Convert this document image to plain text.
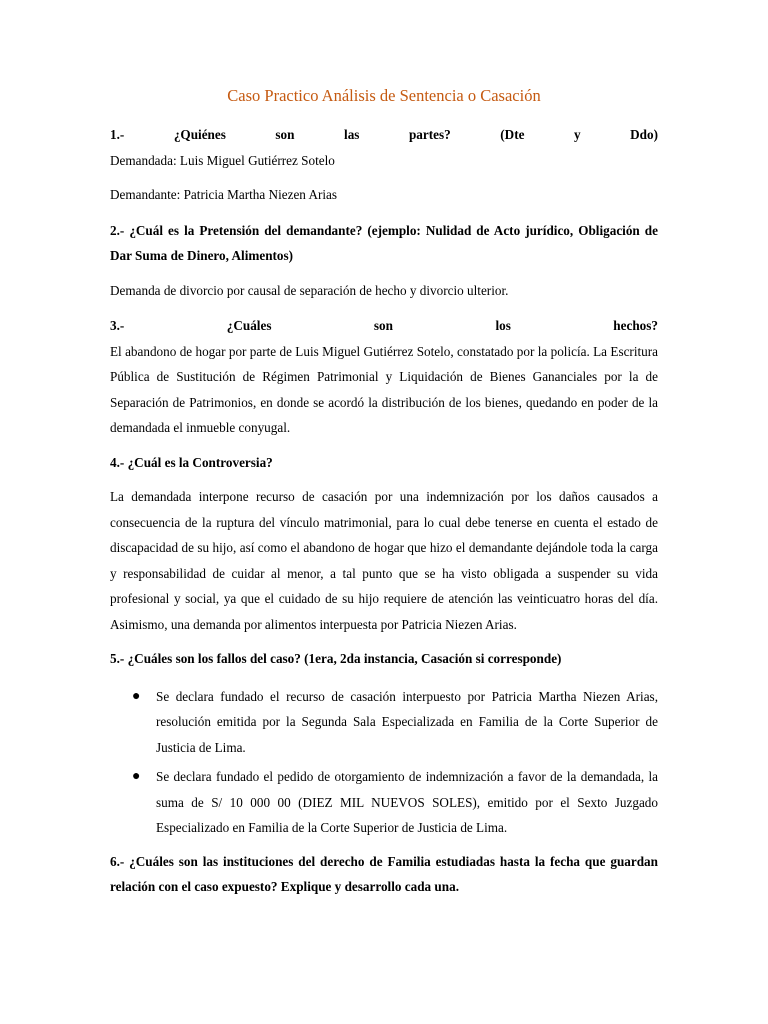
Caso Practico Análisis de Sentencia o Casación

1.- ¿Quiénes son las partes? (Dte y Ddo)

Demandada: Luis Miguel Gutiérrez Sotelo

Demandante: Patricia Martha Niezen Arias

2.- ¿Cuál es la Pretensión del demandante? (ejemplo: Nulidad de Acto jurídico, Obligación de Dar Suma de Dinero, Alimentos)

Demanda de divorcio por causal de separación de hecho y divorcio ulterior.

3.- ¿Cuáles son los hechos?

El abandono de hogar por parte de Luis Miguel Gutiérrez Sotelo, constatado por la policía. La Escritura Pública de Sustitución de Régimen Patrimonial y Liquidación de Bienes Gananciales por la de Separación de Patrimonios, en donde se acordó la distribución de los bienes, quedando en poder de la demandada el inmueble conyugal.

4.- ¿Cuál es la Controversia?

La demandada interpone recurso de casación por una indemnización por los daños causados a consecuencia de la ruptura del vínculo matrimonial, para lo cual debe tenerse en cuenta el estado de discapacidad de su hijo, así como el abandono de hogar que hizo el demandante dejándole toda la carga y responsabilidad de cuidar al menor, a tal punto que se ha visto obligada a suspender su vida profesional y social, ya que el cuidado de su hijo requiere de atención las veinticuatro horas del día. Asimismo, una demanda por alimentos interpuesta por Patricia Niezen Arias.

5.- ¿Cuáles son los fallos del caso? (1era, 2da instancia, Casación si corresponde)

● Se declara fundado el recurso de casación interpuesto por Patricia Martha Niezen Arias, resolución emitida por la Segunda Sala Especializada en Familia de la Corte Superior de Justicia de Lima.
● Se declara fundado el pedido de otorgamiento de indemnización a favor de la demandada, la suma de S/ 10 000 00 (DIEZ MIL NUEVOS SOLES), emitido por el Sexto Juzgado Especializado en Familia de la Corte Superior de Justicia de Lima.

6.- ¿Cuáles son las instituciones del derecho de Familia estudiadas hasta la fecha que guardan relación con el caso expuesto? Explique y desarrollo cada una.
